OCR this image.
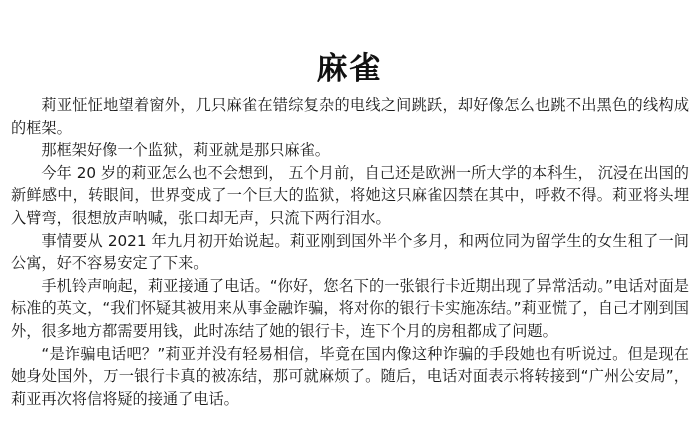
麻雀

莉亚怔怔地望着窗外，几只麻雀在错综复杂的电线之间跳跃，却好像怎么也跳不出黑色的线构成的框架。

那框架好像一个监狱，莉亚就是那只麻雀。

今年 20 岁的莉亚怎么也不会想到， 五个月前，自己还是欧洲一所大学的本科生， 沉浸在出国的新鲜感中，转眼间，世界变成了一个巨大的监狱，将她这只麻雀囚禁在其中，呼救不得。莉亚将头埋入臂弯，很想放声呐喊，张口却无声，只流下两行泪水。

事情要从 2021 年九月初开始说起。莉亚刚到国外半个多月，和两位同为留学生的女生租了一间公寓，好不容易安定了下来。

手机铃声响起，莉亚接通了电话。“你好，您名下的一张银行卡近期出现了异常活动。”电话对面是标准的英文，“我们怀疑其被用来从事金融诈骗，将对你的银行卡实施冻结。”莉亚慌了，自己才刚到国外，很多地方都需要用钱，此时冻结了她的银行卡，连下个月的房租都成了问题。

“是诈骗电话吧？”莉亚并没有轻易相信，毕竟在国内像这种诈骗的手段她也有听说过。但是现在她身处国外，万一银行卡真的被冻结，那可就麻烦了。随后，电话对面表示将转接到“广州公安局”，莉亚再次将信将疑的接通了电话。
